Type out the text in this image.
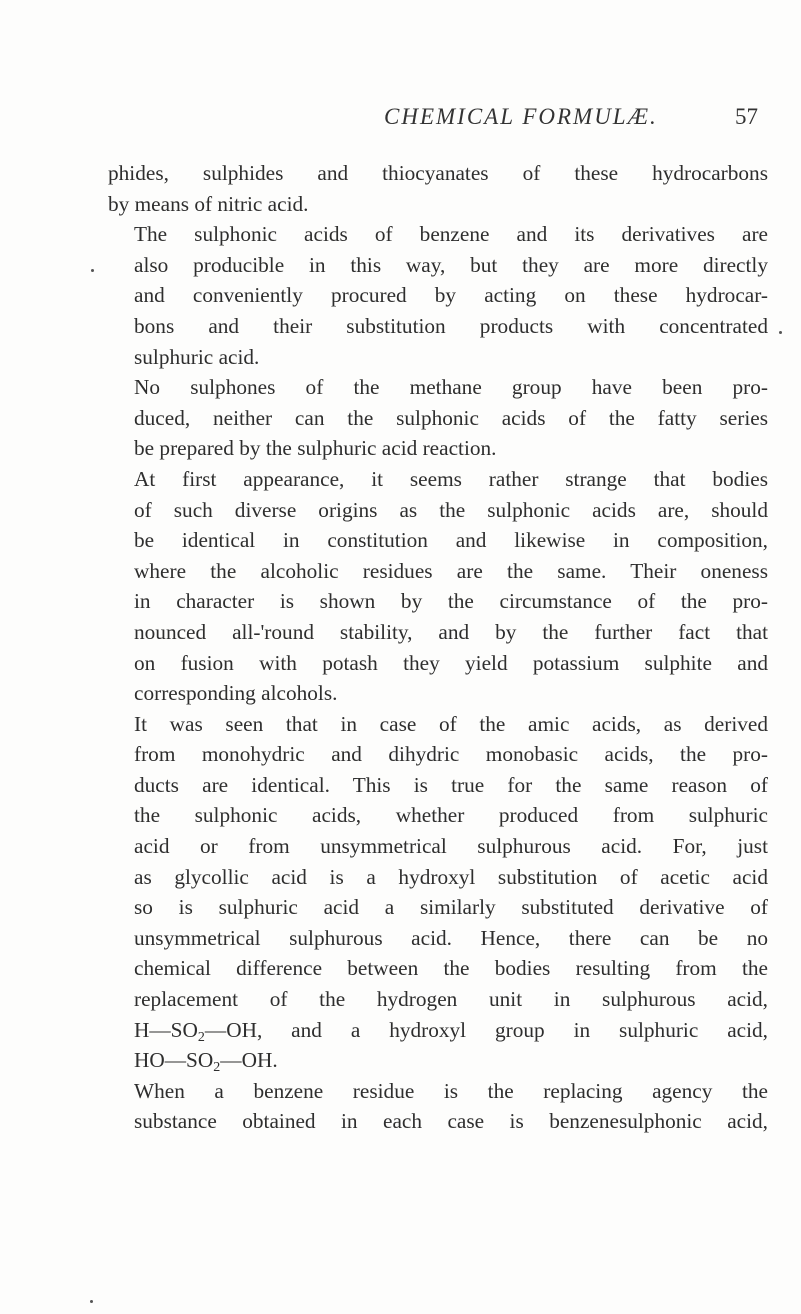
CHEMICAL FORMULÆ.	57

phides, sulphides and thiocyanates of these hydrocarbons
by means of nitric acid.

The sulphonic acids of benzene and its derivatives are
also producible in this way, but they are more directly
and conveniently procured by acting on these hydrocar-
bons and their substitution products with concentrated
sulphuric acid.

No sulphones of the methane group have been pro-
duced, neither can the sulphonic acids of the fatty series
be prepared by the sulphuric acid reaction.

At first appearance, it seems rather strange that bodies
of such diverse origins as the sulphonic acids are, should
be identical in constitution and likewise in composition,
where the alcoholic residues are the same. Their oneness
in character is shown by the circumstance of the pro-
nounced all-'round stability, and by the further fact that
on fusion with potash they yield potassium sulphite and
corresponding alcohols.

It was seen that in case of the amic acids, as derived
from monohydric and dihydric monobasic acids, the pro-
ducts are identical. This is true for the same reason of
the sulphonic acids, whether produced from sulphuric
acid or from unsymmetrical sulphurous acid. For, just
as glycollic acid is a hydroxyl substitution of acetic acid
so is sulphuric acid a similarly substituted derivative of
unsymmetrical sulphurous acid. Hence, there can be no
chemical difference between the bodies resulting from the
replacement of the hydrogen unit in sulphurous acid,
$H—SO_2—OH$, and a hydroxyl group in sulphuric acid,
$HO—SO_2—OH$.

When a benzene residue is the replacing agency the
substance obtained in each case is benzenesulphonic acid,
